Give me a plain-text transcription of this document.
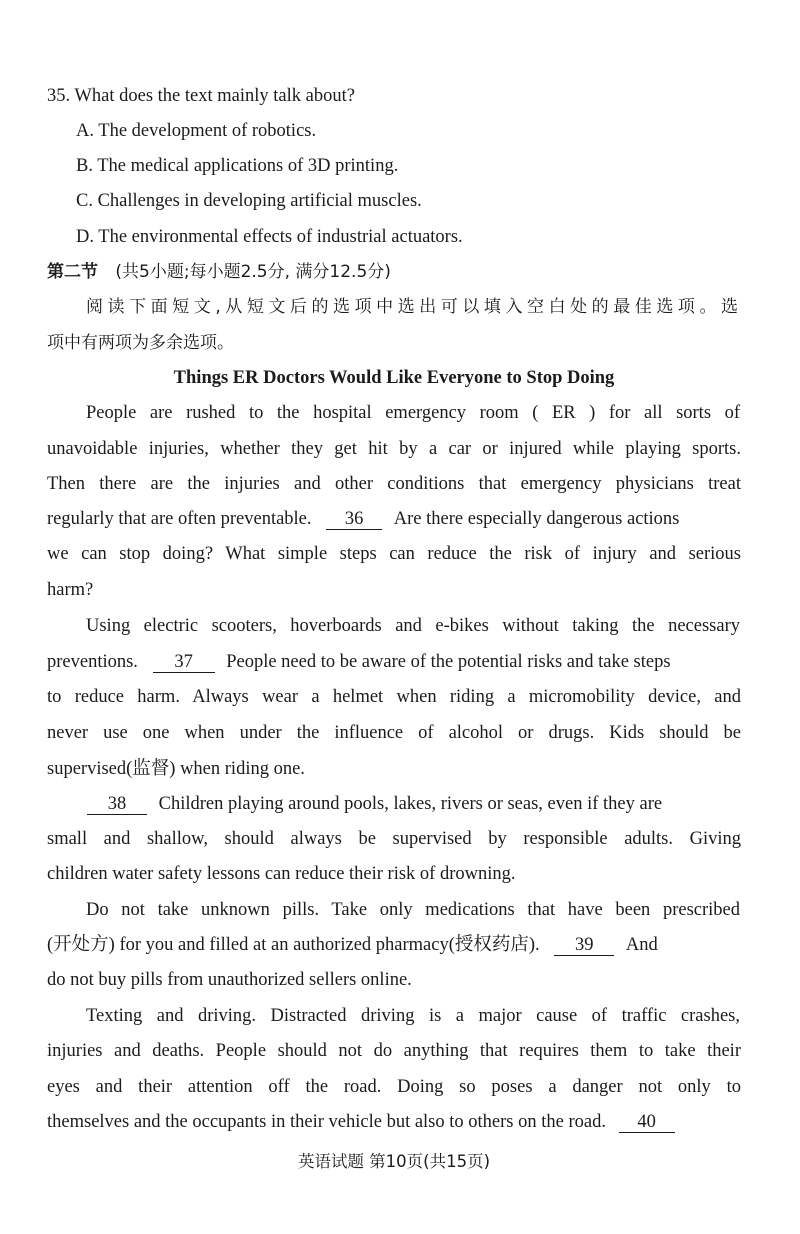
35. What does the text mainly talk about?
A. The development of robotics.
B. The medical applications of 3D printing.
C. Challenges in developing artificial muscles.
D. The environmental effects of industrial actuators.
第二节 (共5小题;每小题2.5分, 满分12.5分)
阅读下面短文,从短文后的选项中选出可以填入空白处的最佳选项。选
项中有两项为多余选项。
Things ER Doctors Would Like Everyone to Stop Doing
People are rushed to the hospital emergency room ( ER ) for all sorts of
unavoidable injuries, whether they get hit by a car or injured while playing sports.
Then there are the injuries and other conditions that emergency physicians treat
regularly that are often preventable. 36 Are there especially dangerous actions
we can stop doing? What simple steps can reduce the risk of injury and serious
harm?
Using electric scooters, hoverboards and e-bikes without taking the necessary
preventions. 37 People need to be aware of the potential risks and take steps
to reduce harm. Always wear a helmet when riding a micromobility device, and
never use one when under the influence of alcohol or drugs. Kids should be
supervised(监督) when riding one.
38 Children playing around pools, lakes, rivers or seas, even if they are
small and shallow, should always be supervised by responsible adults. Giving
children water safety lessons can reduce their risk of drowning.
Do not take unknown pills. Take only medications that have been prescribed
(开处方) for you and filled at an authorized pharmacy(授权药店). 39 And
do not buy pills from unauthorized sellers online.
Texting and driving. Distracted driving is a major cause of traffic crashes,
injuries and deaths. People should not do anything that requires them to take their
eyes and their attention off the road. Doing so poses a danger not only to
themselves and the occupants in their vehicle but also to others on the road. 40
英语试题 第10页(共15页)
